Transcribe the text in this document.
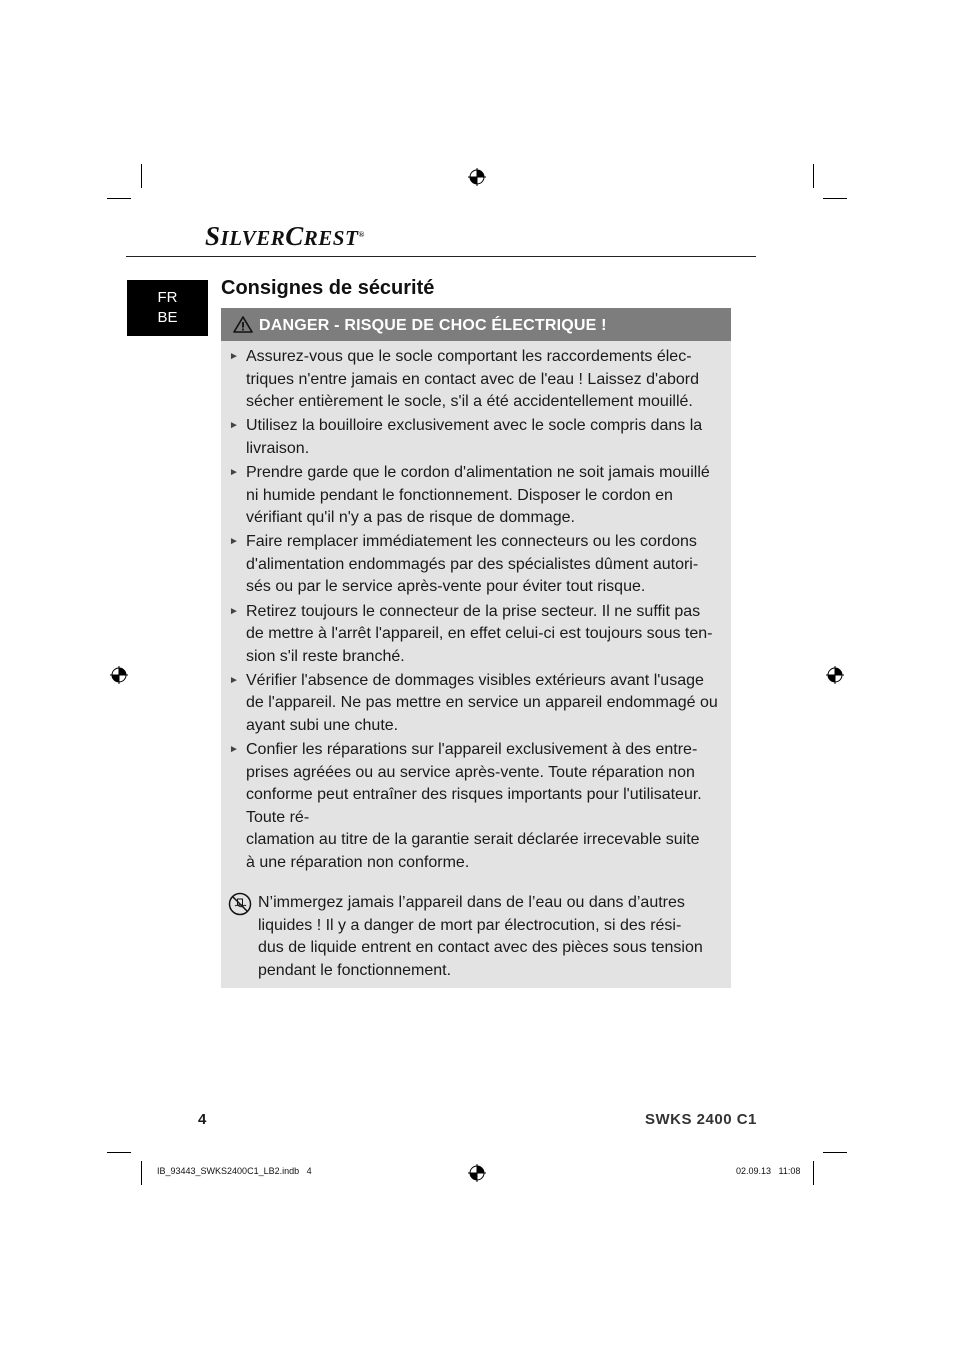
SILVERCREST®
FR
BE
Consignes de sécurité
DANGER - RISQUE DE CHOC ÉLECTRIQUE !
► Assurez-vous que le socle comportant les raccordements élec-
triques n'entre jamais en contact avec de l'eau ! Laissez d'abord
sécher entièrement le socle, s'il a été accidentellement mouillé.
► Utilisez la bouilloire exclusivement avec le socle compris dans la
livraison.
► Prendre garde que le cordon d'alimentation ne soit jamais mouillé
ni humide pendant le fonctionnement. Disposer le cordon en
vérifiant qu'il n'y a pas de risque de dommage.
► Faire remplacer immédiatement les connecteurs ou les cordons
d'alimentation endommagés par des spécialistes dûment autori-
sés ou par le service après-vente pour éviter tout risque.
► Retirez toujours le connecteur de la prise secteur. Il ne suffit pas
de mettre à l'arrêt l'appareil, en effet celui-ci est toujours sous ten-
sion s'il reste branché.
► Vérifier l'absence de dommages visibles extérieurs avant l'usage
de l'appareil. Ne pas mettre en service un appareil endommagé ou
ayant subi une chute.
► Confier les réparations sur l'appareil exclusivement à des entre-
prises agréées ou au service après-vente. Toute réparation non
conforme peut entraîner des risques importants pour l'utilisateur.
Toute ré-
clamation au titre de la garantie serait déclarée irrecevable suite
à une réparation non conforme.
N’immergez jamais l’appareil dans de l’eau ou dans d’autres
liquides ! Il y a danger de mort par électrocution, si des rési-
dus de liquide entrent en contact avec des pièces sous tension
pendant le fonctionnement.
4	SWKS 2400 C1
IB_93443_SWKS2400C1_LB2.indb   4	02.09.13   11:08
